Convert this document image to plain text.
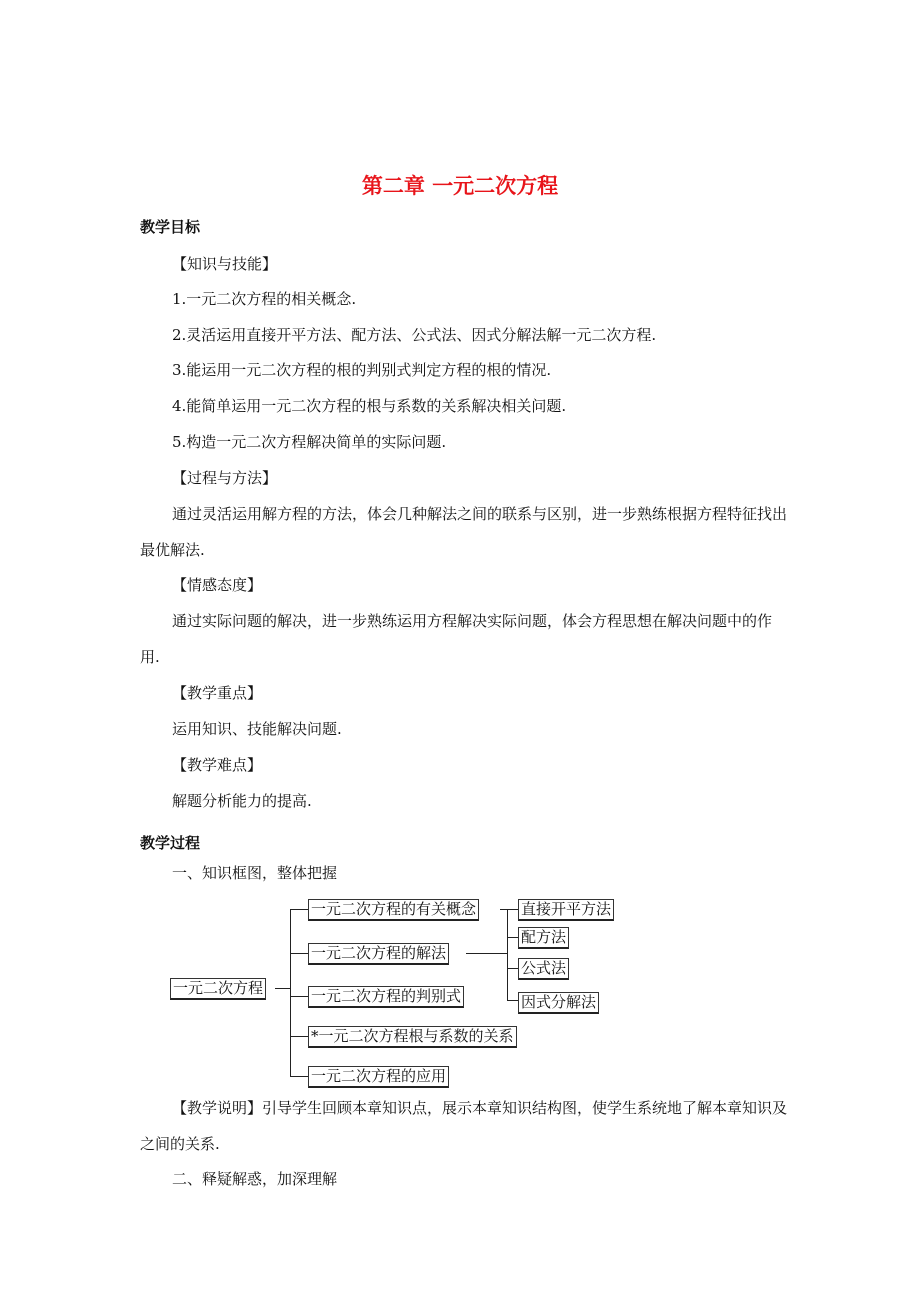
第二章 一元二次方程
教学目标
【知识与技能】
1.一元二次方程的相关概念.
2.灵活运用直接开平方法、配方法、公式法、因式分解法解一元二次方程.
3.能运用一元二次方程的根的判别式判定方程的根的情况.
4.能简单运用一元二次方程的根与系数的关系解决相关问题.
5.构造一元二次方程解决简单的实际问题.
【过程与方法】
通过灵活运用解方程的方法，体会几种解法之间的联系与区别，进一步熟练根据方程特征找出最优解法.
【情感态度】
通过实际问题的解决，进一步熟练运用方程解决实际问题，体会方程思想在解决问题中的作用.
【教学重点】
运用知识、技能解决问题.
【教学难点】
解题分析能力的提高.
教学过程
一、知识框图，整体把握
一元二次方程
一元二次方程的有关概念
一元二次方程的解法
一元二次方程的判别式
*一元二次方程根与系数的关系
一元二次方程的应用
直接开平方法
配方法
公式法
因式分解法
【教学说明】引导学生回顾本章知识点，展示本章知识结构图，使学生系统地了解本章知识及之间的关系.
二、释疑解惑，加深理解
